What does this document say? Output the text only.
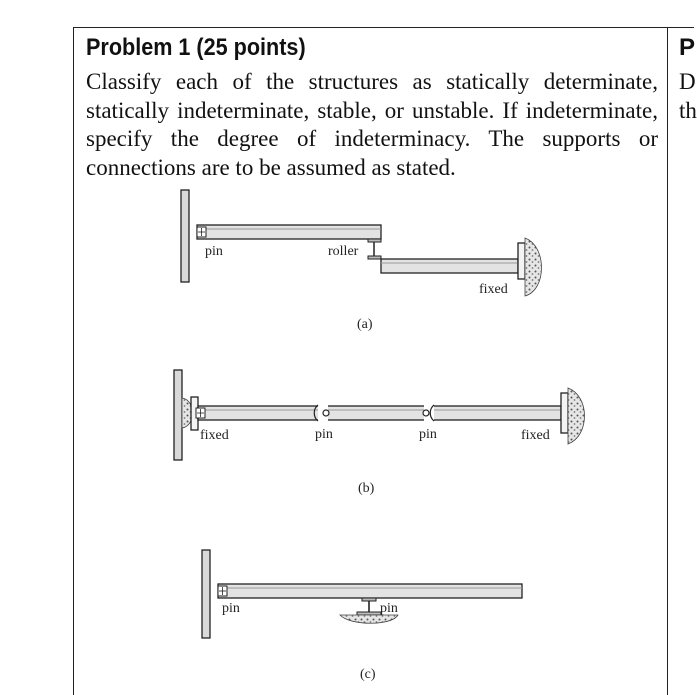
Problem 1 (25 points)
Classify each of the structures as statically determinate, statically indeterminate, stable, or unstable. If indeterminate, specify the degree of indeterminacy. The supports or connections are to be assumed as stated.
P
D
th
pin	roller
fixed
(a)
fixed	pin	pin	fixed
(b)
pin	pin
(c)
